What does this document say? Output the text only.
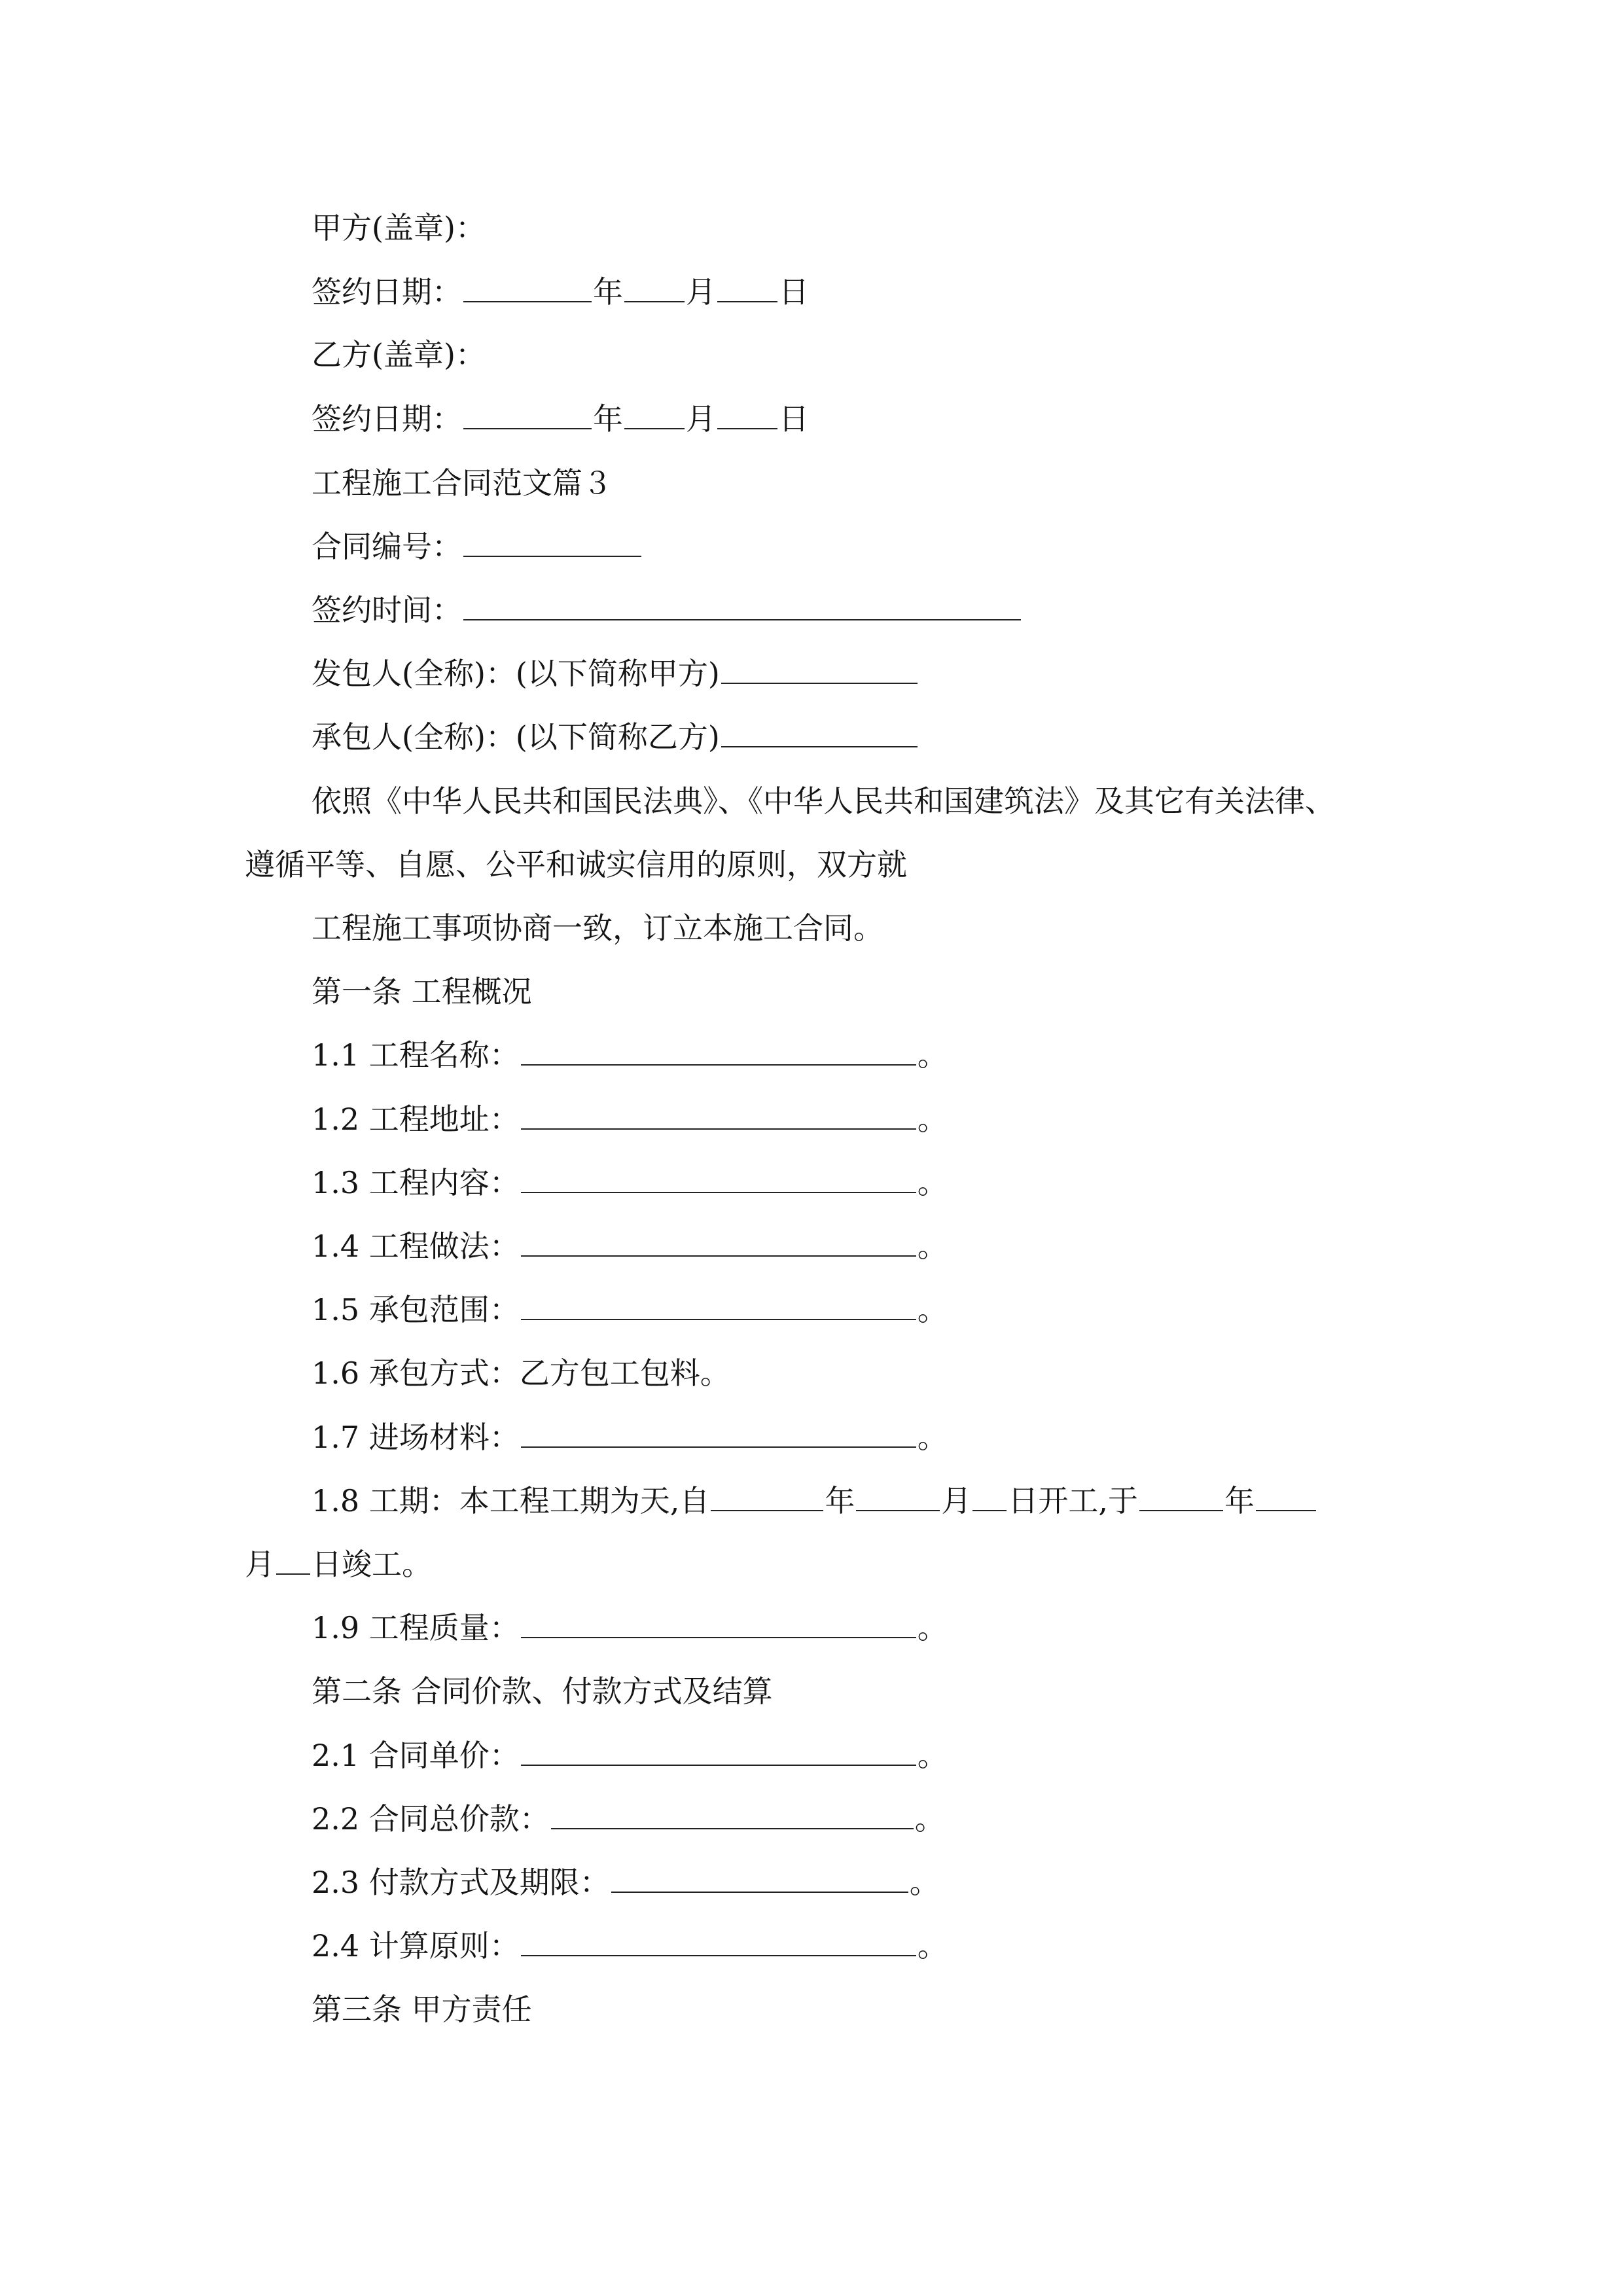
甲方(盖章)：
签约日期：	年 月 日
乙方(盖章)：
签约日期：	年 月 日
工程施工合同范文篇３
合同编号：
签约时间：
发包人(全称)：(以下简称甲方)
承包人(全称)：(以下简称乙方)
依照《中华人民共和国民法典》、《中华人民共和国建筑法》及其它有关法律、
遵循平等、自愿、公平和诚实信用的原则，双方就
工程施工事项协商一致，订立本施工合同。
第一条 工程概况
1.1 工程名称：	。
1.2 工程地址：	。
1.3 工程内容：	。
1.4 工程做法：	。
1.5 承包范围：	。
1.6 承包方式：乙方包工包料。
1.7 进场材料：	。
1.8 工期：本工程工期为天,自	年	月 日开工,于	年
月 日竣工。
1.9 工程质量：	。
第二条 合同价款、付款方式及结算
2.1 合同单价：	。
2.2 合同总价款：	。
2.3 付款方式及期限：	。
2.4 计算原则：	。
第三条 甲方责任
